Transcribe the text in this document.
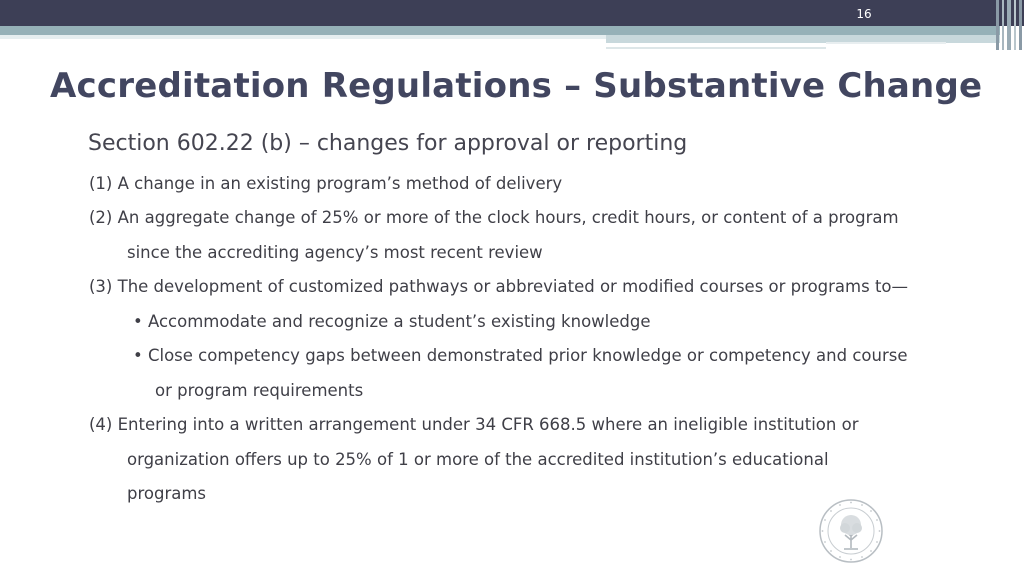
16
Accreditation Regulations – Substantive Change
Section 602.22 (b) – changes for approval or reporting
(1) A change in an existing program’s method of delivery
(2) An aggregate change of 25% or more of the clock hours, credit hours, or content of a program
since the accrediting agency’s most recent review
(3) The development of customized pathways or abbreviated or modified courses or programs to—
• Accommodate and recognize a student’s existing knowledge
• Close competency gaps between demonstrated prior knowledge or competency and course
or program requirements
(4) Entering into a written arrangement under 34 CFR 668.5 where an ineligible institution or
organization offers up to 25% of 1 or more of the accredited institution’s educational
programs
